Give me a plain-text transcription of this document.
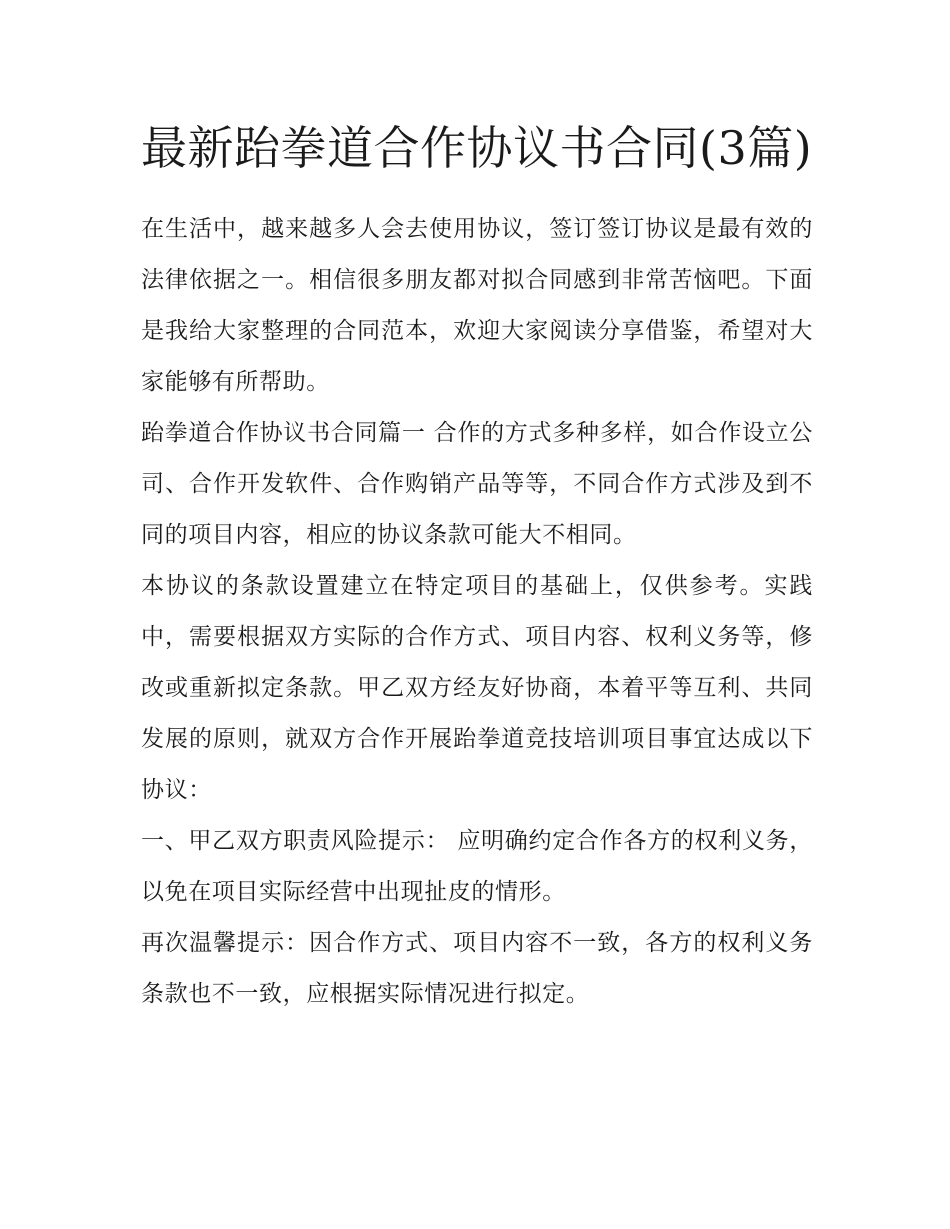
最新跆拳道合作协议书合同(3篇)

在生活中，越来越多人会去使用协议，签订签订协议是最有效的法律依据之一。相信很多朋友都对拟合同感到非常苦恼吧。下面是我给大家整理的合同范本，欢迎大家阅读分享借鉴，希望对大家能够有所帮助。

跆拳道合作协议书合同篇一 合作的方式多种多样，如合作设立公司、合作开发软件、合作购销产品等等，不同合作方式涉及到不同的项目内容，相应的协议条款可能大不相同。

本协议的条款设置建立在特定项目的基础上，仅供参考。实践中，需要根据双方实际的合作方式、项目内容、权利义务等，修改或重新拟定条款。甲乙双方经友好协商，本着平等互利、共同发展的原则，就双方合作开展跆拳道竞技培训项目事宜达成以下协议：

一、甲乙双方职责风险提示： 应明确约定合作各方的权利义务，以免在项目实际经营中出现扯皮的情形。

再次温馨提示：因合作方式、项目内容不一致，各方的权利义务条款也不一致，应根据实际情况进行拟定。
